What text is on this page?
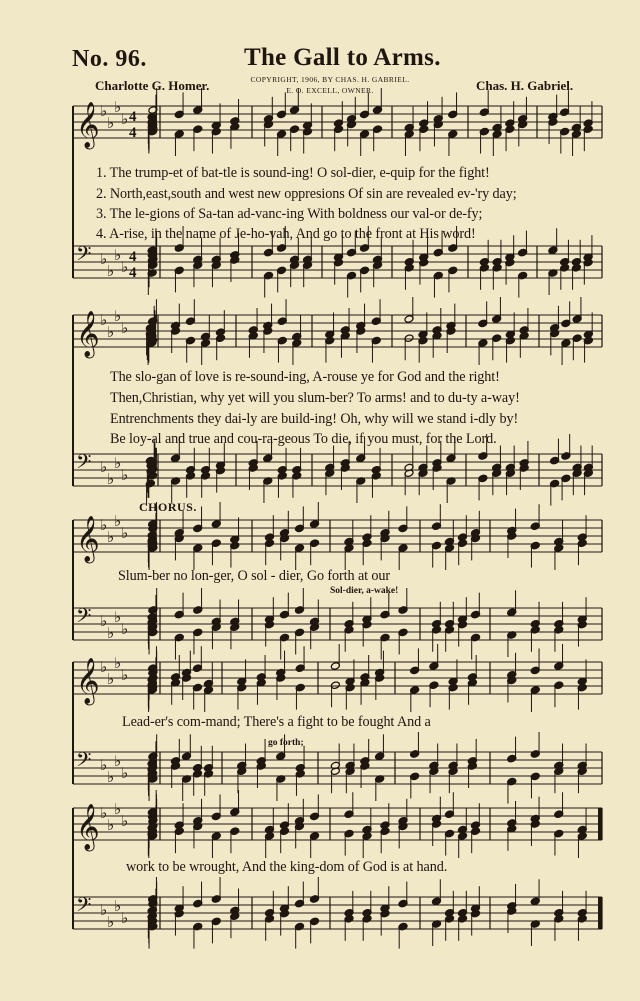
No. 96.	The Gall to Arms.
Charlotte G. Homer.	Chas. H. Gabriel.
COPYRIGHT, 1906, BY CHAS. H. GABRIEL.
E. O. EXCELL, OWNER.
𝄞 ♭
♭
♭
♭ 4
4
𝄢 ♭
♭
♭
♭
4
4
𝄞 ♭
♭
♭
♭
𝄢 ♭
♭
♭
♭
𝄞 ♭
♭
♭
♭
𝄢 ♭
♭
♭
♭
𝄞 ♭
♭
♭
♭
𝄢 ♭
♭
♭
♭
𝄞 ♭
♭
♭
♭
𝄢 ♭
♭
♭
♭
1. The trump-et of bat-tle is sound-ing! O sol-dier, e-quip for the fight!
2. North,east,south and west new oppresions Of sin are revealed ev-'ry day;
3. The le-gions of Sa-tan ad-vanc-ing With boldness our val-or de-fy;
4. A-rise, in the name of Je-ho-vah, And go to the front at His word!
The slo-gan of love is re-sound-ing, A-rouse ye for God and the right!
Then,Christian, why yet will you slum-ber? To arms! and to du-ty a-way!
Entrenchments they dai-ly are build-ing! Oh, why will we stand i-dly by!
Be loy-al and true and cou-ra-geous To die, if you must, for the Lord.
CHORUS.
Slum-ber no lon-ger, O sol - dier, Go forth at our
Sol-dier, a-wake!
Lead-er's com-mand; There's a fight to be fought And a
go forth;
work to be wrought, And the king-dom of God is at hand.
